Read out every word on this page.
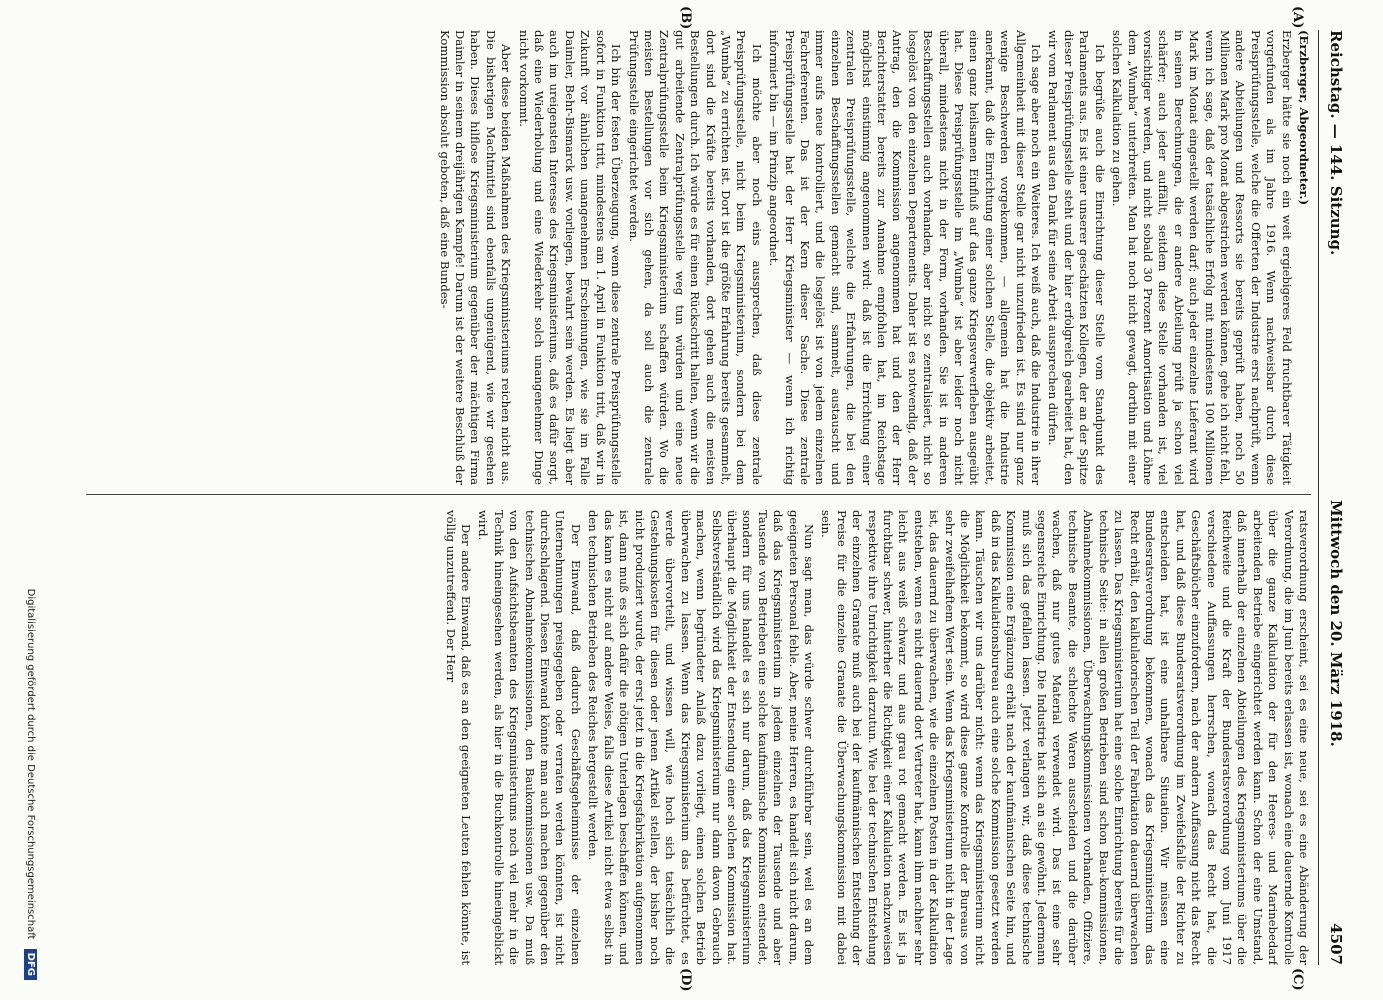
Reichstag. — 144. Sitzung.
Mittwoch den 20. März 1918.
4507
(A)
(B)
(C)
(D)

(Erzberger, Abgeordneter.)

Erzberger hätte sie noch ein weit ergiebigeres Feld fruchtbarer Tätigkeit vorgefunden als im Jahre 1916. Wenn nachweisbar durch diese Preisprüfungsstelle, welche die Offerten der Industrie erst nachprüft, wenn andere Abteilungen und Ressorts sie bereits geprüft haben, noch 50 Millionen Mark pro Monat abgestrichen werden können, gehe ich nicht fehl, wenn ich sage, daß der tatsächliche Erfolg mit mindestens 100 Millionen Mark im Monat eingestellt werden darf; auch jeder einzelne Lieferant wird in seinen Berechnungen, die er andere Abteilung prüft ja schon viel schärfer; auch jeder auffällt, seitdem diese Stelle vorhanden ist, viel vorsichtiger werden, und nicht sobald 30 Prozent Amortisation und Löhne dem „Wumba“ unterbreiten. Man hat noch nicht gewagt, dorthin mit einer solchen Kalkulation zu gehen.

Ich begrüße auch die Einrichtung dieser Stelle vom Standpunkt des Parlaments aus. Es ist einer unserer geschätzten Kollegen, der an der Spitze dieser Preisprüfungsstelle steht und der hier erfolgreich gearbeitet hat, den wir vom Parlament aus den Dank für seine Arbeit aussprechen dürfen.

Ich sage aber noch ein Weiteres. Ich weiß auch, daß die Industrie in ihrer Allgemeinheit mit dieser Stelle gar nicht unzufrieden ist. Es sind nur ganz wenige Beschwerden vorgekommen, — allgemein hat die Industrie anerkannt, daß die Einrichtung einer solchen Stelle, die objektiv arbeitet, einen ganz heilsamen Einfluß auf das ganze Kriegsverwerfleben ausgeübt hat. Diese Preisprüfungsstelle im „Wumba“ ist aber leider noch nicht überall, mindestens nicht in der Form, vorhanden. Sie ist in anderen Beschaffungsstellen auch vorhanden, aber nicht so zentralisiert, nicht so losgelöst von den einzelnen Departements. Daher ist es notwendig, daß der Antrag, den die Kommission angenommen hat und den der Herr Berichterstatter bereits zur Annahme empfohlen hat, im Reichstage möglichst einstimmig angenommen wird: daß ist die Errichtung einer zentralen Preisprüfungsstelle, welche die Erfahrungen, die bei den einzelnen Beschaffungsstellen gemacht sind, sammelt, austauscht und immer aufs neue kontrolliert, und die losgelöst ist von jedem einzelnen Fachreferenten. Das ist der Kern dieser Sache. Diese zentrale Preisprüfungsstelle hat der Herr Kriegsminister — wenn ich richtig informiert bin — im Prinzip angeordnet.

Ich möchte aber noch eins aussprechen, daß diese zentrale Preisprüfungsstelle, nicht beim Kriegsministerium, sondern bei dem „Wumba“ zu errichten ist. Dort ist die größte Erfahrung bereits gesammelt, dort sind die Kräfte bereits vorhanden, dort gehen auch die meisten Bestellungen durch. Ich würde es für einen Rückschritt halten, wenn wir die gut arbeitende Zentralprüfungsstelle weg tun würden und eine neue Zentralprüfungsstelle beim Kriegsministerium schaffen würden. Wo die meisten Bestellungen vor sich gehen, da soll auch die zentrale Prüfungsstelle eingerichtet werden.

Ich bin der festen Überzeugung, wenn diese zentrale Preisprüfungsstelle sofort in Funktion tritt, mindestens am 1. April in Funktion tritt, daß wir in Zukunft vor ähnlichen unangenehmen Erscheinungen, wie sie im Falle Daimler, Behr-Bismarck usw. vorliegen, bewahrt sein werden. Es liegt aber auch im ureigensten Interesse des Kriegsministeriums, daß es dafür sorgt, daß eine Wiederholung und eine Wiederkehr solch unangenehmer Dinge nicht vorkommt.

Aber diese beiden Maßnahmen des Kriegsministeriums reichen nicht aus. Die bisherigen Machtmittel sind ebenfalls ungenügend, wie wir gesehen haben. Dieses hilflose Kriegsministerium gegenüber der mächtigen Firma Daimler in seinem dreijährigen Kampfe! Darum ist der weitere Beschluß der Kommission absolut geboten, daß eine Bundes-

ratsverordnung erscheint, sei es eine neue, sei es eine Abänderung der Verordnung, die im Juni bereits erlassen ist, wonach eine dauernde Kontrolle über die ganze Kalkulation der für den Heeres- und Marinebedarf arbeitenden Betriebe eingerichtet werden kann. Schon der eine Umstand, daß innerhalb der einzelnen Abteilungen des Kriegsministeriums über die Reichweite und die Kraft der Bundesratsverordnung vom Juni 1917 verschiedene Auffassungen herrschen, wonach das Recht hat, die Geschäftsbücher einzufordern, nach der andern Auffassung nicht das Recht hat, und daß diese Bundesratsverordnung im Zweifelsfalle der Richter zu entscheiden hat, ist eine unhaltbare Situation. Wir müssen eine Bundesratsverordnung bekommen, wonach das Kriegsministerium das Recht erhält, den kalkulatorischen Teil der Fabrikation dauernd überwachen zu lassen. Das Kriegsministerium hat eine solche Einrichtung bereits für die technische Seite: in allen großen Betrieben sind schon Bau-kommissionen, Abnahmekommissionen, Überwachungskommissionen vorhanden, Offiziere, technische Beamte, die schlechte Waren ausscheiden und die darüber wachen, daß nur gutes Material verwendet wird. Das ist eine sehr segensreiche Einrichtung. Die Industrie hat sich an sie gewöhnt. Jedermann muß sich das gefallen lassen. Jetzt verlangen wir, daß diese technische Kommission eine Ergänzung erhält nach der kaufmännischen Seite hin, und daß in das Kalkulationsbureau auch eine solche Kommission gesetzt werden kann. Täuschen wir uns darüber nicht: wenn das Kriegsministerium nicht die Möglichkeit bekommt, so wird diese ganze Kontrolle der Bureaus von sehr zweifelhaftem Wert sein. Wenn das Kriegsministerium nicht in der Lage ist, das dauernd zu überwachen, wie die einzelnen Posten in der Kalkulation entstehen, wenn es nicht dauernd dort Vertreter hat, kann ihm nachher sehr leicht aus weiß schwarz und aus grau rot gemacht werden. Es ist ja furchtbar schwer, hinterher die Richtigkeit einer Kalkulation nachzuweisen respektive ihre Unrichtigkeit darzutun. Wie bei der technischen Entstehung der einzelnen Granate muß auch bei der kaufmännischen Entstehung der Preise für die einzelne Granate die Überwachungskommission mit dabei sein.

Nun sagt man, das würde schwer durchführbar sein, weil es an dem geeigneten Personal fehle. Aber, meine Herren, es handelt sich nicht darum, daß das Kriegsministerium in jedem einzelnen der Tausende und aber Tausende von Betrieben eine solche kaufmännische Kommission entsendet, sondern für uns handelt es sich nur darum, daß das Kriegsministerium überhaupt die Möglichkeit der Entsendung einer solchen Kommission hat. Selbstverständlich wird das Kriegsministerium nur dann davon Gebrauch machen, wenn begründeter Anlaß dazu vorliegt, einen solchen Betrieb überwachen zu lassen. Wenn das Kriegsministerium das befürchtet, es werde übervorteilt, und wissen will, wie hoch sich tatsächlich die Gestehungskosten für diesen oder jenen Artikel stellen, der bisher noch nicht produziert wurde, der erst jetzt in die Kriegsfabrikation aufgenommen ist, dann muß es sich dafür die nötigen Unterlagen beschaffen können, und das kann es nicht auf andere Weise, falls diese Artikel nicht etwa selbst in den technischen Betrieben des Reiches hergestellt werden.

Der Einwand, daß dadurch Geschäftsgeheimnisse der einzelnen Unternehmungen preisgegeben oder verraten werden könnten, ist nicht durchschlagend. Diesen Einwand könnte man auch machen gegenüber den technischen Abnahmekommissionen, den Baukommissionen usw. Da muß von den Aufsichtsbeamten des Kriegsministeriums noch viel mehr in die Technik hineingesehen werden, als hier in die Buchkontrolle hineingeblickt wird.

Der andere Einwand, daß es an den geeigneten Leuten fehlen könnte, ist völlig unzutreffend. Der Herr

Digitalisierung gefördert durch die Deutsche Forschungsgemeinschaft DFG
